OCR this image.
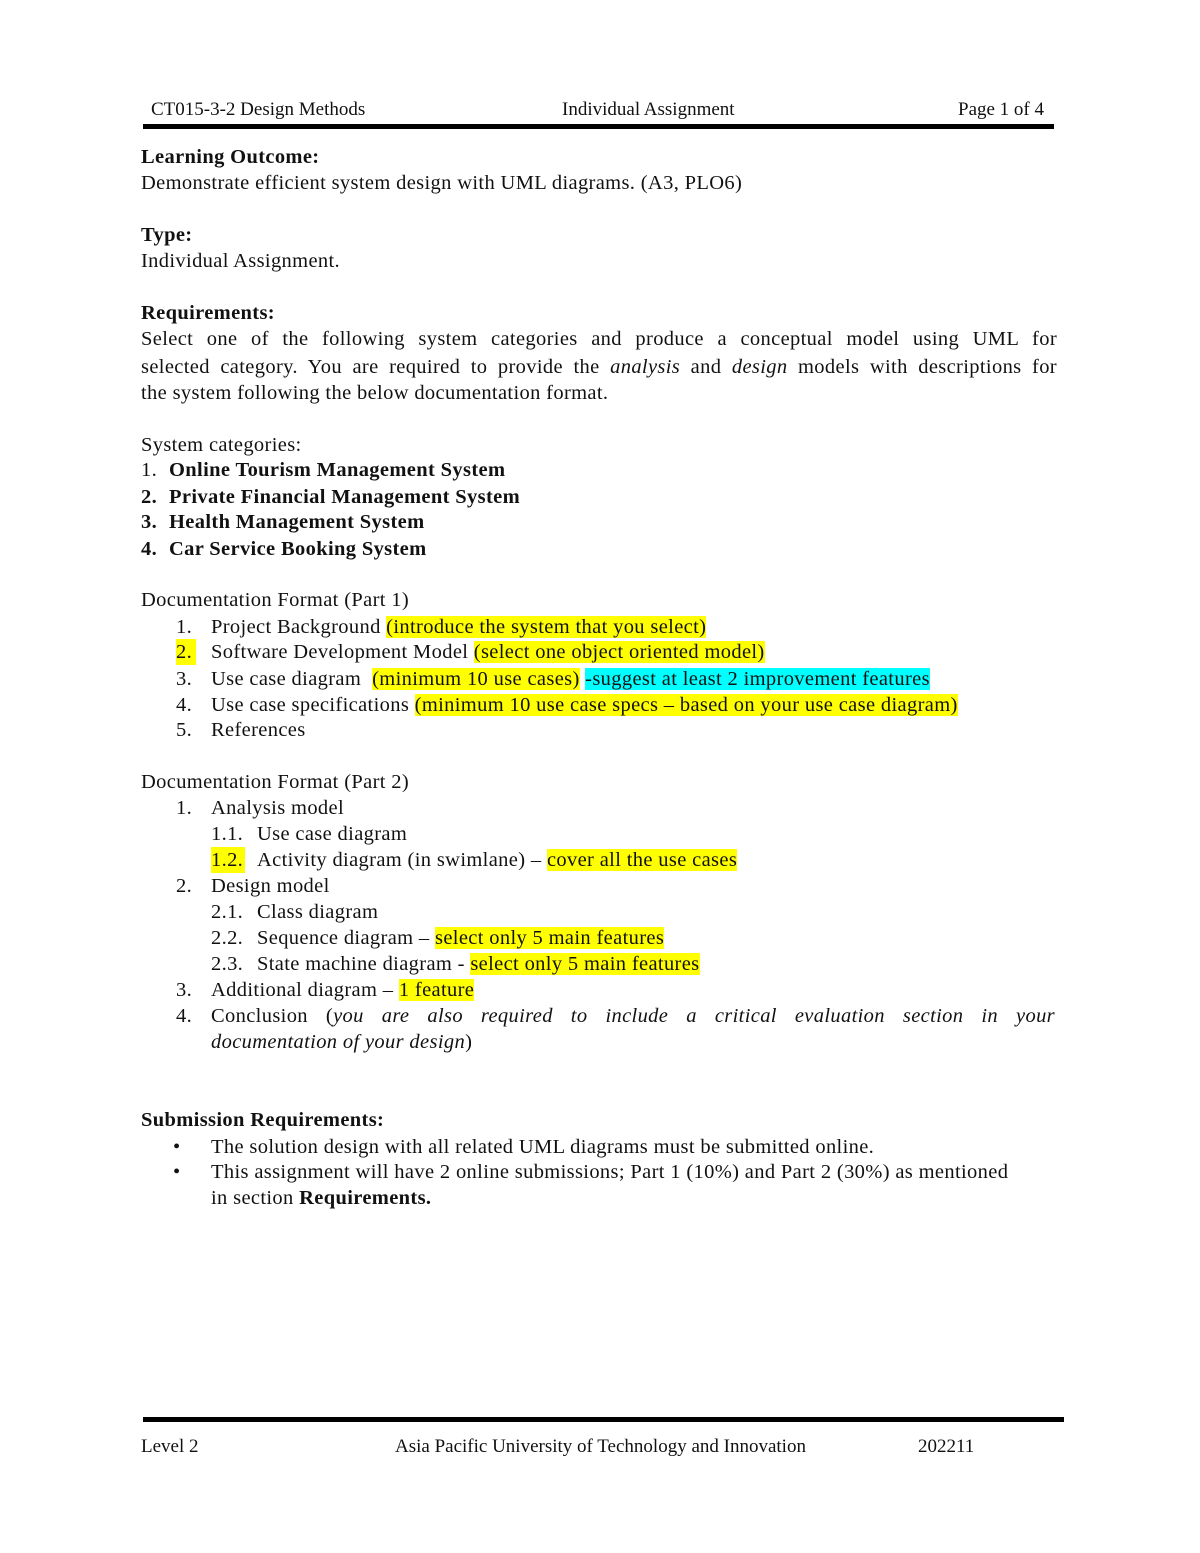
CT015-3-2 Design Methods	Individual Assignment	Page 1 of 4
Learning Outcome:
Demonstrate efficient system design with UML diagrams. (A3, PLO6)
Type:
Individual Assignment.
Requirements:
Select one of the following system categories and produce a conceptual model using UML for
selected category. You are required to provide the analysis and design models with descriptions for
the system following the below documentation format.
System categories:
1. Online Tourism Management System
2. Private Financial Management System
3. Health Management System
4. Car Service Booking System
Documentation Format (Part 1)
1. Project Background (introduce the system that you select)
2. Software Development Model (select one object oriented model)
3. Use case diagram  (minimum 10 use cases) -suggest at least 2 improvement features
4. Use case specifications (minimum 10 use case specs – based on your use case diagram)
5. References
Documentation Format (Part 2)
1. Analysis model
1.1. Use case diagram
1.2. Activity diagram (in swimlane) – cover all the use cases
2. Design model
2.1. Class diagram
2.2. Sequence diagram – select only 5 main features
2.3. State machine diagram - select only 5 main features
3. Additional diagram – 1 feature
4. Conclusion (you are also required to include a critical evaluation section in your
documentation of your design)
Submission Requirements:
• The solution design with all related UML diagrams must be submitted online.
• This assignment will have 2 online submissions; Part 1 (10%) and Part 2 (30%) as mentioned
in section Requirements.
Level 2	Asia Pacific University of Technology and Innovation	202211
